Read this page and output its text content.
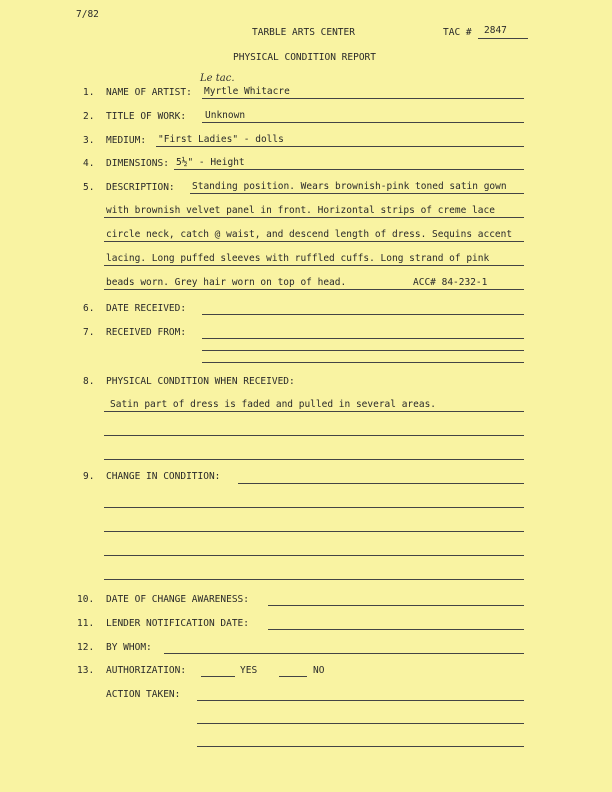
7/82
TARBLE ARTS CENTER	TAC # 2847
PHYSICAL CONDITION REPORT
Le tac.
1. NAME OF ARTIST: Myrtle Whitacre
2. TITLE OF WORK: Unknown
3. MEDIUM: "First Ladies" - dolls
4. DIMENSIONS: 5½" - Height
5. DESCRIPTION: Standing position. Wears brownish-pink toned satin gown
with brownish velvet panel in front. Horizontal strips of creme lace
circle neck, catch @ waist, and descend length of dress. Sequins accent
lacing. Long puffed sleeves with ruffled cuffs. Long strand of pink
beads worn. Grey hair worn on top of head.	ACC# 84-232-1
6. DATE RECEIVED:
7. RECEIVED FROM:
8. PHYSICAL CONDITION WHEN RECEIVED:
Satin part of dress is faded and pulled in several areas.
9. CHANGE IN CONDITION:
10. DATE OF CHANGE AWARENESS:
11. LENDER NOTIFICATION DATE:
12. BY WHOM:
13. AUTHORIZATION:	YES	NO
ACTION TAKEN:
